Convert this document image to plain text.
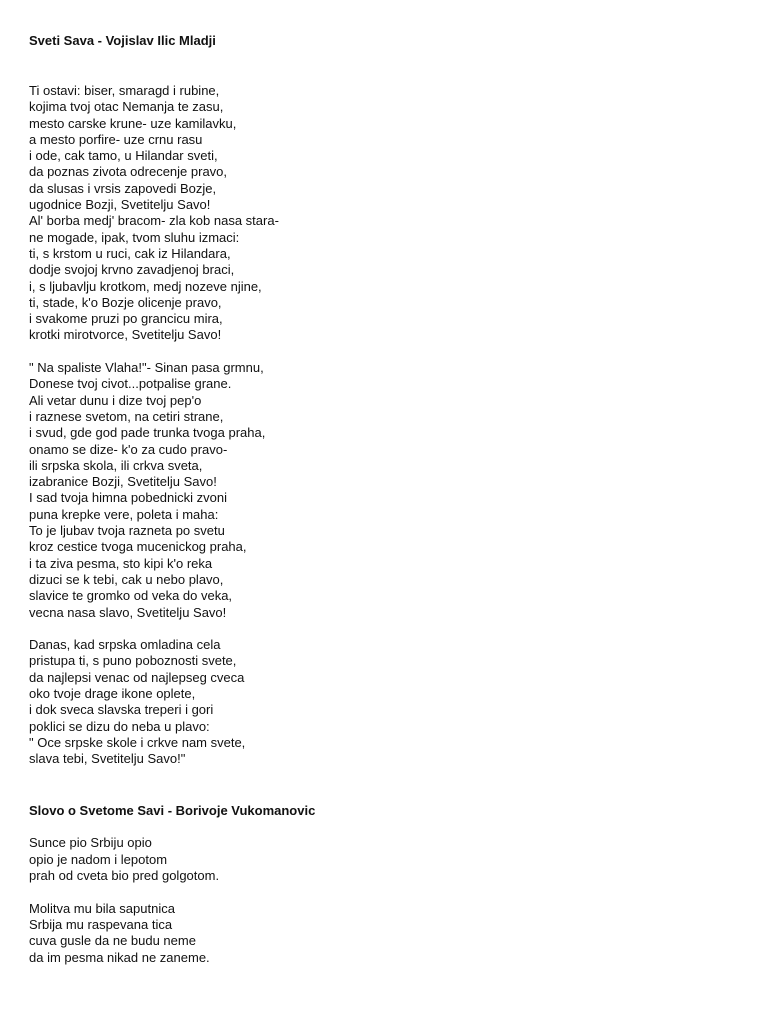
Sveti Sava - Vojislav Ilic Mladji
Ti ostavi: biser, smaragd i rubine,
kojima tvoj otac Nemanja te zasu,
mesto carske krune- uze kamilavku,
a mesto porfire- uze crnu rasu
i ode, cak tamo, u Hilandar sveti,
da poznas zivota odrecenje pravo,
da slusas i vrsis zapovedi Bozje,
ugodnice Bozji, Svetitelju Savo!
Al' borba medj' bracom- zla kob nasa stara-
ne mogade, ipak, tvom sluhu izmaci:
ti, s krstom u ruci, cak iz Hilandara,
dodje svojoj krvno zavadjenoj braci,
i, s ljubavlju krotkom, medj nozeve njine,
ti, stade, k'o Bozje olicenje pravo,
i svakome pruzi po grancicu mira,
krotki mirotvorce, Svetitelju Savo!
" Na spaliste Vlaha!"- Sinan pasa grmnu,
Donese tvoj civot...potpalise grane.
Ali vetar dunu i dize tvoj pep'o
i raznese svetom, na cetiri strane,
i svud, gde god pade trunka tvoga praha,
onamo se dize- k'o za cudo pravo-
ili srpska skola, ili crkva sveta,
izabranice Bozji, Svetitelju Savo!
I sad tvoja himna pobednicki zvoni
puna krepke vere, poleta i maha:
To je ljubav tvoja razneta po svetu
kroz cestice tvoga mucenickog praha,
i ta ziva pesma, sto kipi k'o reka
dizuci se k tebi, cak u nebo plavo,
slavice te gromko od veka do veka,
vecna nasa slavo, Svetitelju Savo!
Danas, kad srpska omladina cela
pristupa ti, s puno poboznosti svete,
da najlepsi venac od najlepseg cveca
oko tvoje drage ikone oplete,
i dok sveca slavska treperi i gori
poklici se dizu do neba u plavo:
" Oce srpske skole i crkve nam svete,
slava tebi, Svetitelju Savo!"
Slovo o Svetome Savi - Borivoje Vukomanovic
Sunce pio Srbiju opio
opio je nadom i lepotom
prah od cveta bio pred golgotom.
Molitva mu bila saputnica
Srbija mu raspevana tica
cuva gusle da ne budu neme
da im pesma nikad ne zaneme.
